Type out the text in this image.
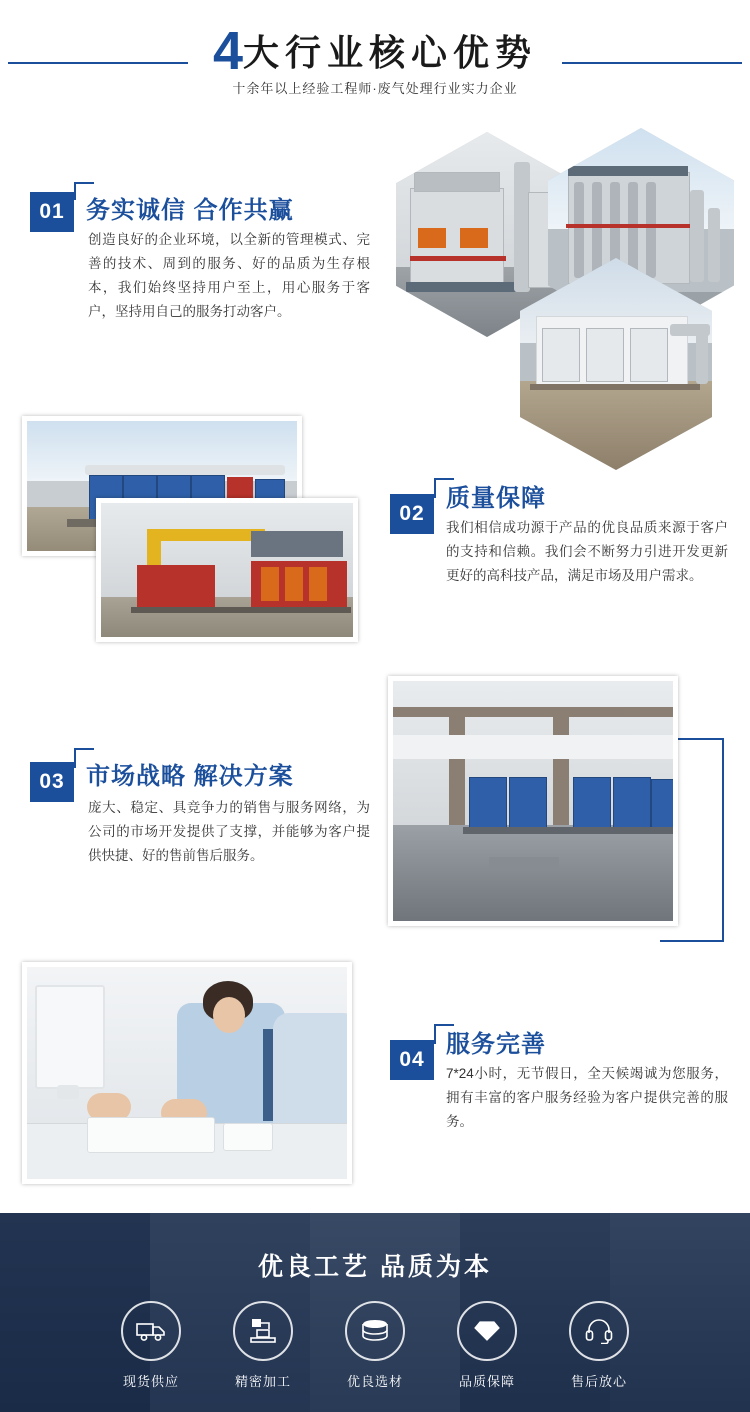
4大行业核心优势
十余年以上经验工程师·废气处理行业实力企业
01 务实诚信 合作共赢
创造良好的企业环境，以全新的管理模式、完善的技术、周到的服务、好的品质为生存根本，我们始终坚持用户至上，用心服务于客户，坚持用自己的服务打动客户。
02
质量保障
我们相信成功源于产品的优良品质来源于客户的支持和信赖。我们会不断努力引进开发更新更好的高科技产品，满足市场及用户需求。
03 市场战略 解决方案
庞大、稳定、具竞争力的销售与服务网络，为公司的市场开发提供了支撑，并能够为客户提供快捷、好的售前售后服务。
04
服务完善
7*24小时，无节假日，全天候竭诚为您服务，拥有丰富的客户服务经验为客户提供完善的服务。
优良工艺 品质为本
现货供应	精密加工	优良选材	品质保障	售后放心
